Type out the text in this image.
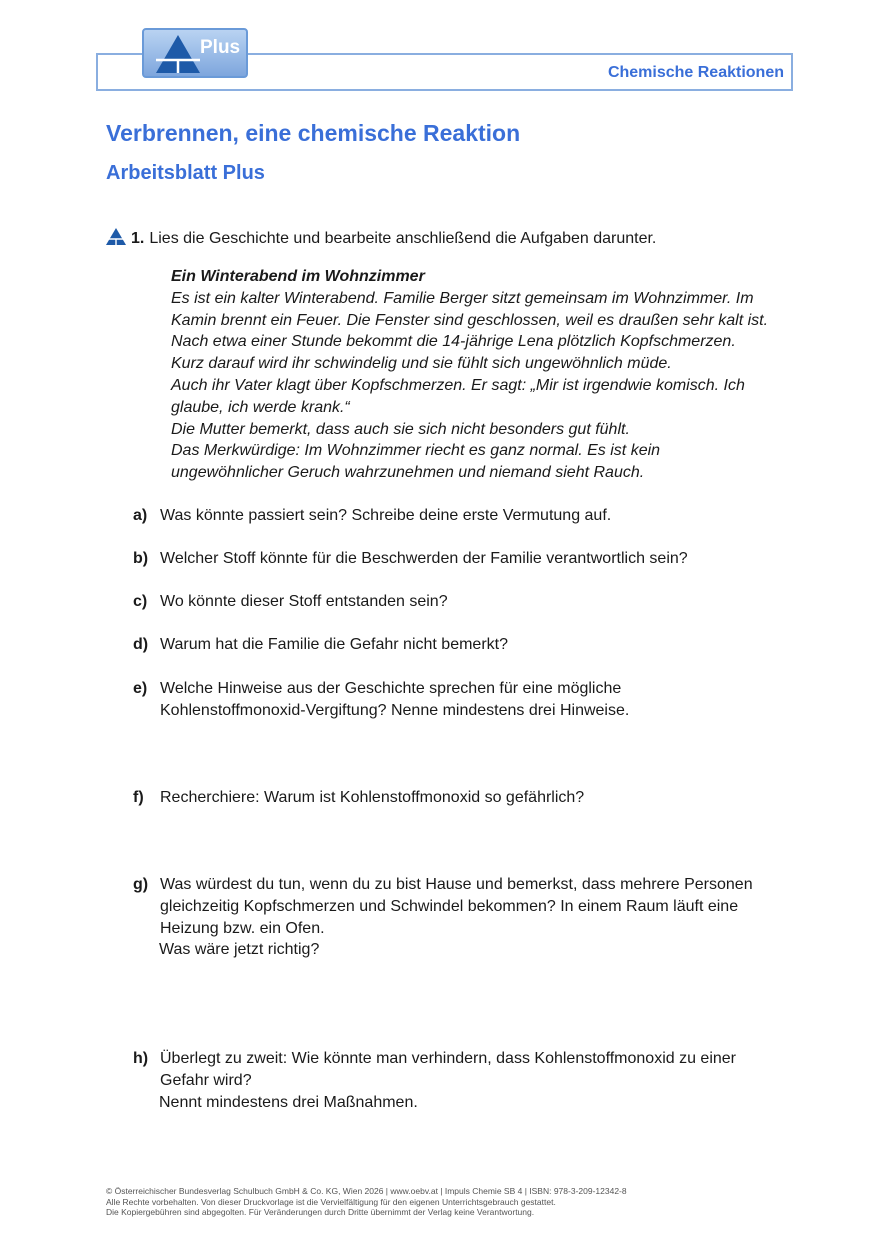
Plus
Chemische Reaktionen
Verbrennen, eine chemische Reaktion
Arbeitsblatt Plus
1. Lies die Geschichte und bearbeite anschließend die Aufgaben darunter.
Ein Winterabend im Wohnzimmer
Es ist ein kalter Winterabend. Familie Berger sitzt gemeinsam im Wohnzimmer. Im
Kamin brennt ein Feuer. Die Fenster sind geschlossen, weil es draußen sehr kalt ist.
Nach etwa einer Stunde bekommt die 14-jährige Lena plötzlich Kopfschmerzen.
Kurz darauf wird ihr schwindelig und sie fühlt sich ungewöhnlich müde.
Auch ihr Vater klagt über Kopfschmerzen. Er sagt: „Mir ist irgendwie komisch. Ich
glaube, ich werde krank.“
Die Mutter bemerkt, dass auch sie sich nicht besonders gut fühlt.
Das Merkwürdige: Im Wohnzimmer riecht es ganz normal. Es ist kein
ungewöhnlicher Geruch wahrzunehmen und niemand sieht Rauch.
a) Was könnte passiert sein? Schreibe deine erste Vermutung auf.
b) Welcher Stoff könnte für die Beschwerden der Familie verantwortlich sein?
c) Wo könnte dieser Stoff entstanden sein?
d) Warum hat die Familie die Gefahr nicht bemerkt?
e) Welche Hinweise aus der Geschichte sprechen für eine mögliche
Kohlenstoffmonoxid-Vergiftung? Nenne mindestens drei Hinweise.
f) Recherchiere: Warum ist Kohlenstoffmonoxid so gefährlich?
g) Was würdest du tun, wenn du zu bist Hause und bemerkst, dass mehrere Personen
gleichzeitig Kopfschmerzen und Schwindel bekommen? In einem Raum läuft eine
Heizung bzw. ein Ofen.
Was wäre jetzt richtig?
h) Überlegt zu zweit: Wie könnte man verhindern, dass Kohlenstoffmonoxid zu einer
Gefahr wird?
Nennt mindestens drei Maßnahmen.
© Österreichischer Bundesverlag Schulbuch GmbH & Co. KG, Wien 2026 | www.oebv.at | Impuls Chemie SB 4 | ISBN: 978-3-209-12342-8
Alle Rechte vorbehalten. Von dieser Druckvorlage ist die Vervielfältigung für den eigenen Unterrichtsgebrauch gestattet.
Die Kopiergebühren sind abgegolten. Für Veränderungen durch Dritte übernimmt der Verlag keine Verantwortung.
